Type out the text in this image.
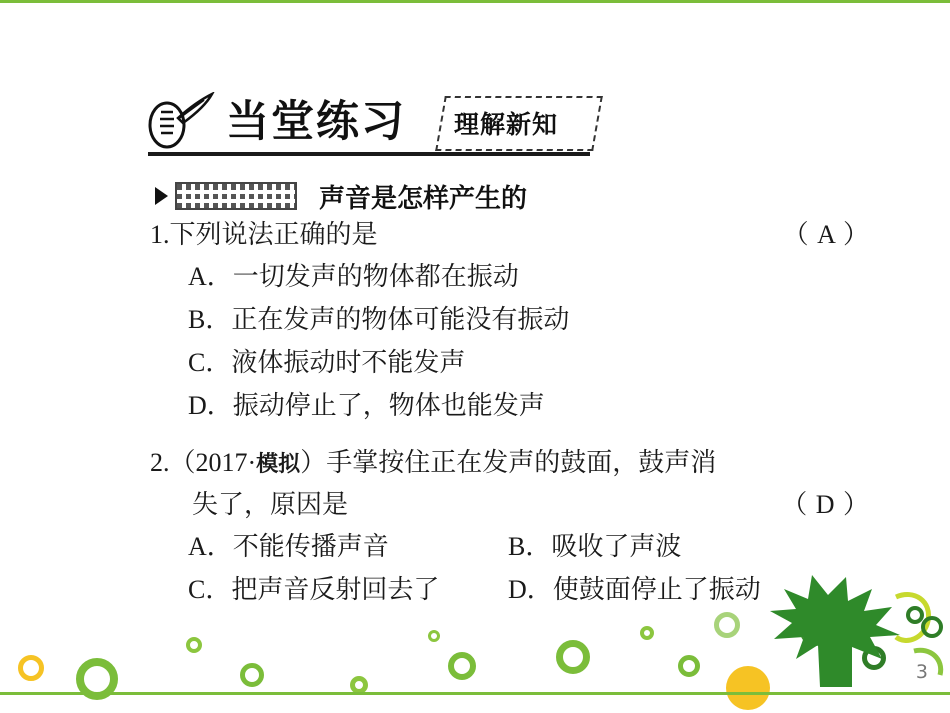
当堂练习 理解新知
声音是怎样产生的
1. 下列说法正确的是	（ A ）
A．一切发声的物体都在振动
B．正在发声的物体可能没有振动
C．液体振动时不能发声
D．振动停止了，物体也能发声
2. （2017· 模拟 ）手掌按住正在发声的鼓面，鼓声消
失了，原因是	（ D ）
A．不能传播声音	B．吸收了声波
C．把声音反射回去了	D．使鼓面停止了振动
3
